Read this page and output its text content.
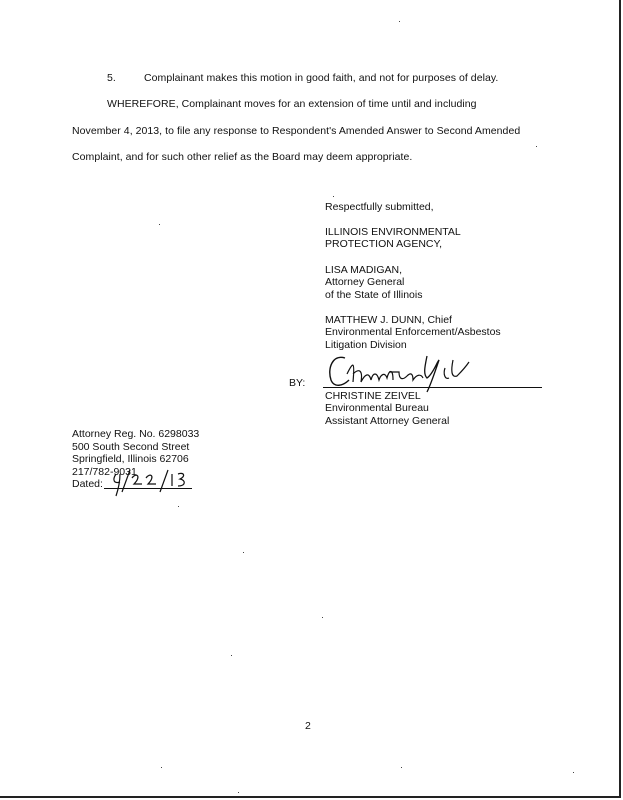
5.	Complainant makes this motion in good faith, and not for purposes of delay.
WHEREFORE, Complainant moves for an extension of time until and including
November 4, 2013, to file any response to Respondent's Amended Answer to Second Amended
Complaint, and for such other relief as the Board may deem appropriate.
Respectfully submitted,
ILLINOIS ENVIRONMENTAL
PROTECTION AGENCY,
LISA MADIGAN,
Attorney General
of the State of Illinois
MATTHEW J. DUNN, Chief
Environmental Enforcement/Asbestos
Litigation Division
BY:
CHRISTINE ZEIVEL
Environmental Bureau
Assistant Attorney General
Attorney Reg. No. 6298033
500 South Second Street
Springfield, Illinois 62706
217/782-9031
Dated:
2
